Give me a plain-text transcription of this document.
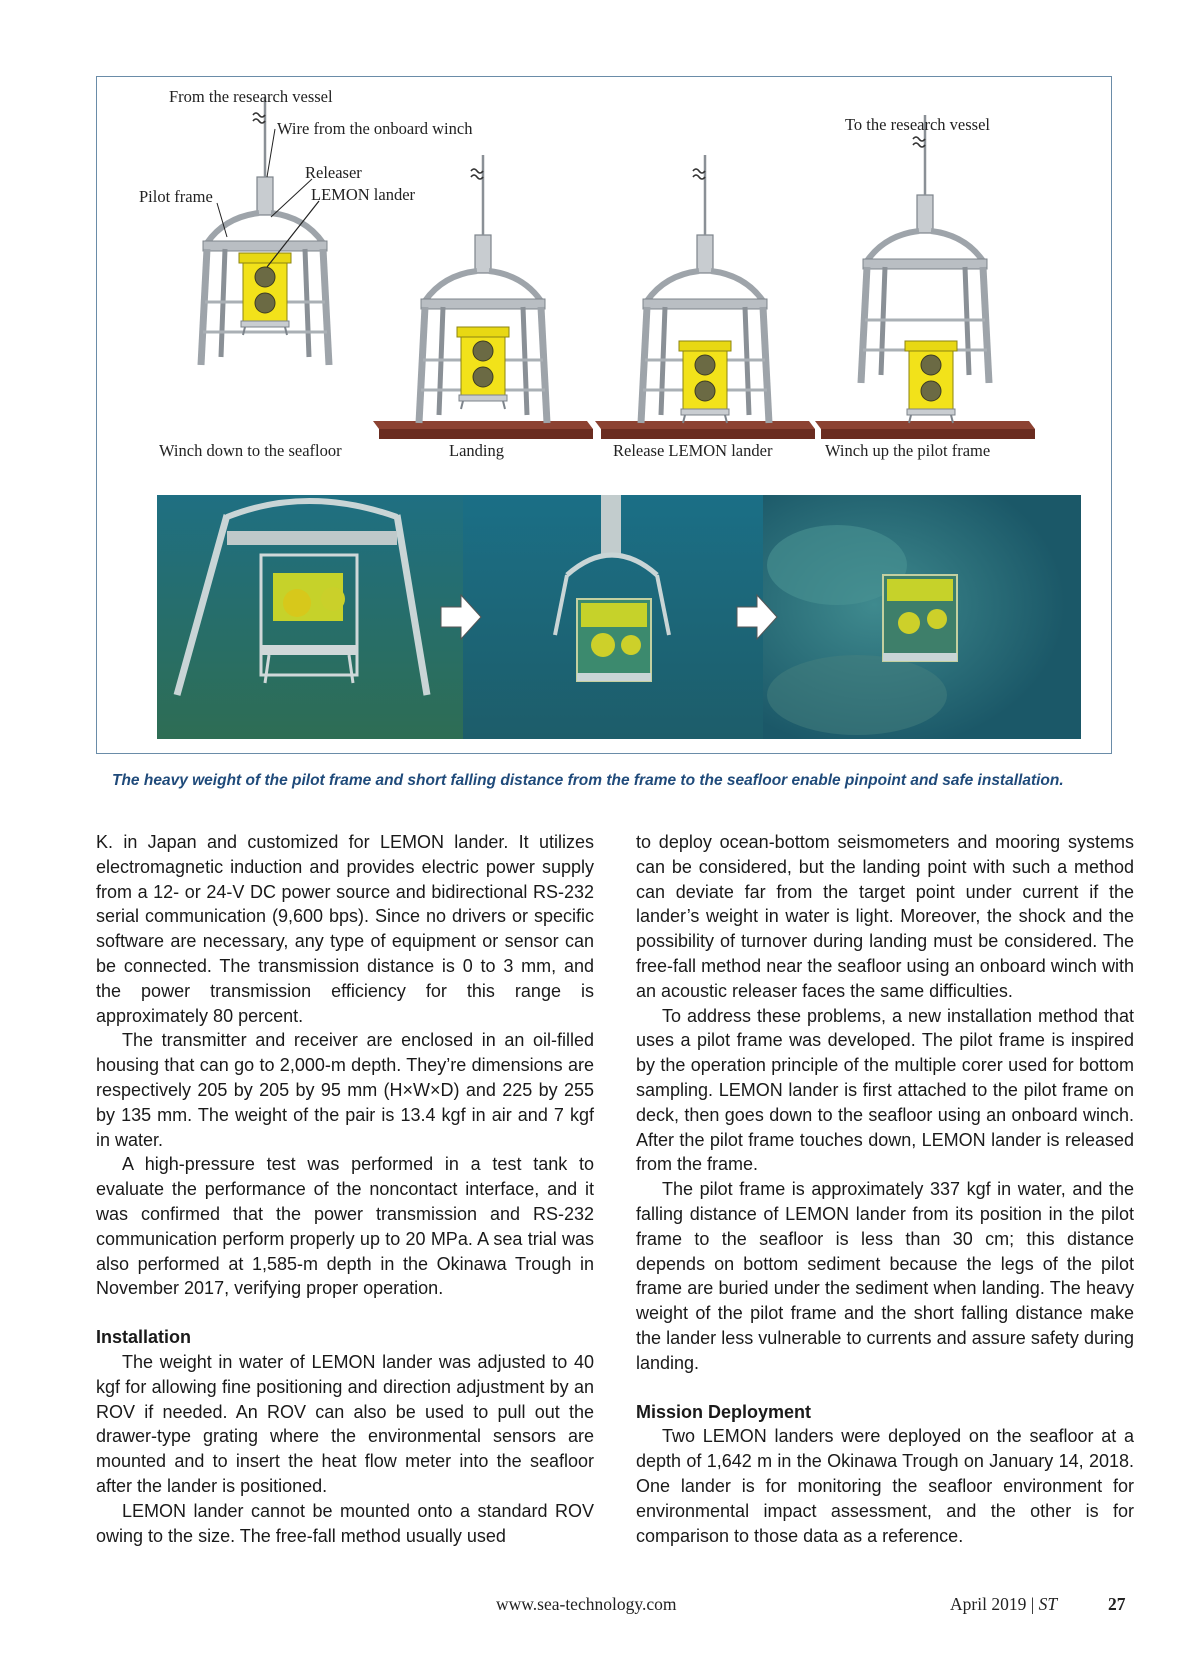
From the research vessel
Wire from the onboard winch
Releaser
Pilot frame	LEMON lander
To the research vessel
Winch down to the seafloor	Landing	Release LEMON lander	Winch up the pilot frame
The heavy weight of the pilot frame and short falling distance from the frame to the seafloor enable pinpoint and safe installation.

K. in Japan and customized for LEMON lander. It utilizes electromagnetic induction and provides electric power supply from a 12- or 24-V DC power source and bidirectional RS-232 serial communication (9,600 bps). Since no drivers or specific software are necessary, any type of equipment or sensor can be connected. The transmission distance is 0 to 3 mm, and the power transmission efficiency for this range is approximately 80 percent.

The transmitter and receiver are enclosed in an oil-filled housing that can go to 2,000-m depth. They’re dimensions are respectively 205 by 205 by 95 mm (H×W×D) and 225 by 255 by 135 mm. The weight of the pair is 13.4 kgf in air and 7 kgf in water.

A high-pressure test was performed in a test tank to evaluate the performance of the noncontact interface, and it was confirmed that the power transmission and RS-232 communication perform properly up to 20 MPa. A sea trial was also performed at 1,585-m depth in the Okinawa Trough in November 2017, verifying proper operation.

Installation

The weight in water of LEMON lander was adjusted to 40 kgf for allowing fine positioning and direction adjustment by an ROV if needed. An ROV can also be used to pull out the drawer-type grating where the environmental sensors are mounted and to insert the heat flow meter into the seafloor after the lander is positioned.

LEMON lander cannot be mounted onto a standard ROV owing to the size. The free-fall method usually used

to deploy ocean-bottom seismometers and mooring systems can be considered, but the landing point with such a method can deviate far from the target point under current if the lander’s weight in water is light. Moreover, the shock and the possibility of turnover during landing must be considered. The free-fall method near the seafloor using an onboard winch with an acoustic releaser faces the same difficulties.

To address these problems, a new installation method that uses a pilot frame was developed. The pilot frame is inspired by the operation principle of the multiple corer used for bottom sampling. LEMON lander is first attached to the pilot frame on deck, then goes down to the seafloor using an onboard winch. After the pilot frame touches down, LEMON lander is released from the frame.

The pilot frame is approximately 337 kgf in water, and the falling distance of LEMON lander from its position in the pilot frame to the seafloor is less than 30 cm; this distance depends on bottom sediment because the legs of the pilot frame are buried under the sediment when landing. The heavy weight of the pilot frame and the short falling distance make the lander less vulnerable to currents and assure safety during landing.

Mission Deployment

Two LEMON landers were deployed on the seafloor at a depth of 1,642 m in the Okinawa Trough on January 14, 2018. One lander is for monitoring the seafloor environment for environmental impact assessment, and the other is for comparison to those data as a reference.

www.sea-technology.com	April 2019 | ST	27
